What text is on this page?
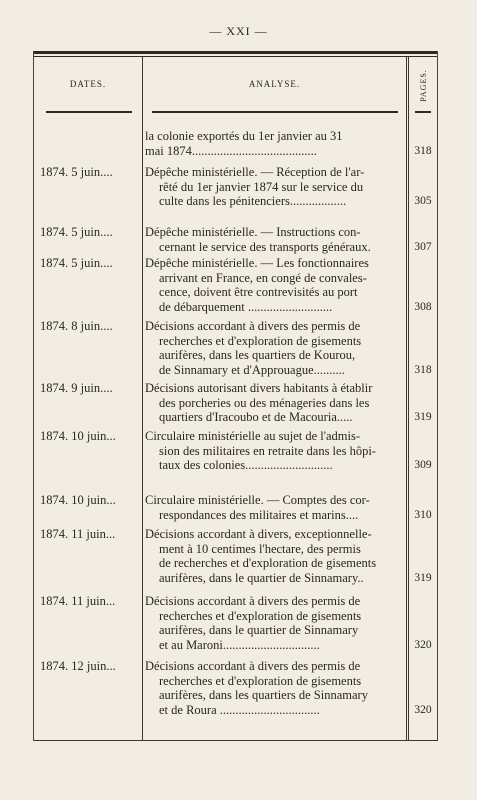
— XXI —
DATES.	ANALYSE.	PAGES.
la colonie exportés du 1er janvier au 31
mai 1874........................................	318
1874. 5 juin....	Dépêche ministérielle. — Réception de l'ar-
rêté du 1er janvier 1874 sur le service du
culte dans les pénitenciers..................	305
1874. 5 juin....	Dépêche ministérielle. — Instructions con-
cernant le service des transports généraux.	307
1874. 5 juin....	Dépêche ministérielle. — Les fonctionnaires
arrivant en France, en congé de convales-
cence, doivent être contrevisités au port
de débarquement ...........................	308
1874. 8 juin....	Décisions accordant à divers des permis de
recherches et d'exploration de gisements
aurifères, dans les quartiers de Kourou,
de Sinnamary et d'Approuague..........	318
1874. 9 juin....	Décisions autorisant divers habitants à établir
des porcheries ou des ménageries dans les
quartiers d'Iracoubo et de Macouria.....	319
1874. 10 juin...	Circulaire ministérielle au sujet de l'admis-
sion des militaires en retraite dans les hôpi-
taux des colonies............................	309
1874. 10 juin...	Circulaire ministérielle. — Comptes des cor-
respondances des militaires et marins....	310
1874. 11 juin...	Décisions accordant à divers, exceptionnelle-
ment à 10 centimes l'hectare, des permis
de recherches et d'exploration de gisements
aurifères, dans le quartier de Sinnamary..	319
1874. 11 juin...	Décisions accordant à divers des permis de
recherches et d'exploration de gisements
aurifères, dans le quartier de Sinnamary
et au Maroni...............................	320
1874. 12 juin...	Décisions accordant à divers des permis de
recherches et d'exploration de gisements
aurifères, dans les quartiers de Sinnamary
et de Roura ................................	320
